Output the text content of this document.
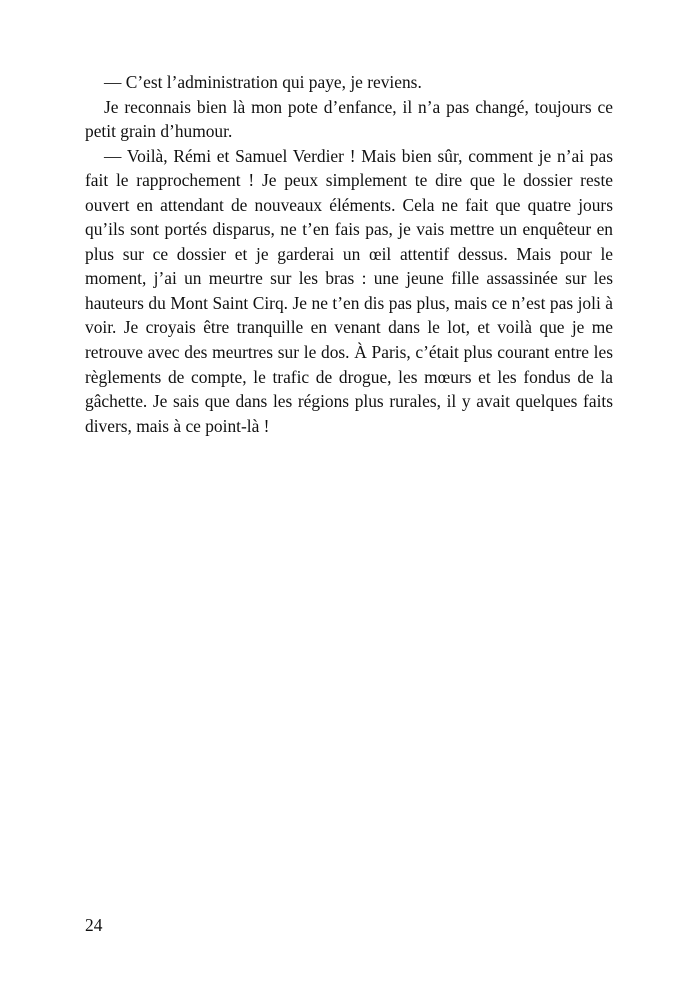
— C’est l’administration qui paye, je reviens.

Je reconnais bien là mon pote d’enfance, il n’a pas changé, toujours ce petit grain d’humour.

— Voilà, Rémi et Samuel Verdier ! Mais bien sûr, comment je n’ai pas fait le rapprochement ! Je peux simplement te dire que le dossier reste ouvert en attendant de nouveaux éléments. Cela ne fait que quatre jours qu’ils sont portés disparus, ne t’en fais pas, je vais mettre un enquêteur en plus sur ce dossier et je garderai un œil attentif dessus. Mais pour le moment, j’ai un meurtre sur les bras : une jeune fille assassinée sur les hauteurs du Mont Saint Cirq. Je ne t’en dis pas plus, mais ce n’est pas joli à voir. Je croyais être tranquille en venant dans le lot, et voilà que je me retrouve avec des meurtres sur le dos. À Paris, c’était plus courant entre les règlements de compte, le trafic de drogue, les mœurs et les fondus de la gâchette. Je sais que dans les régions plus rurales, il y avait quelques faits divers, mais à ce point-là !

24
